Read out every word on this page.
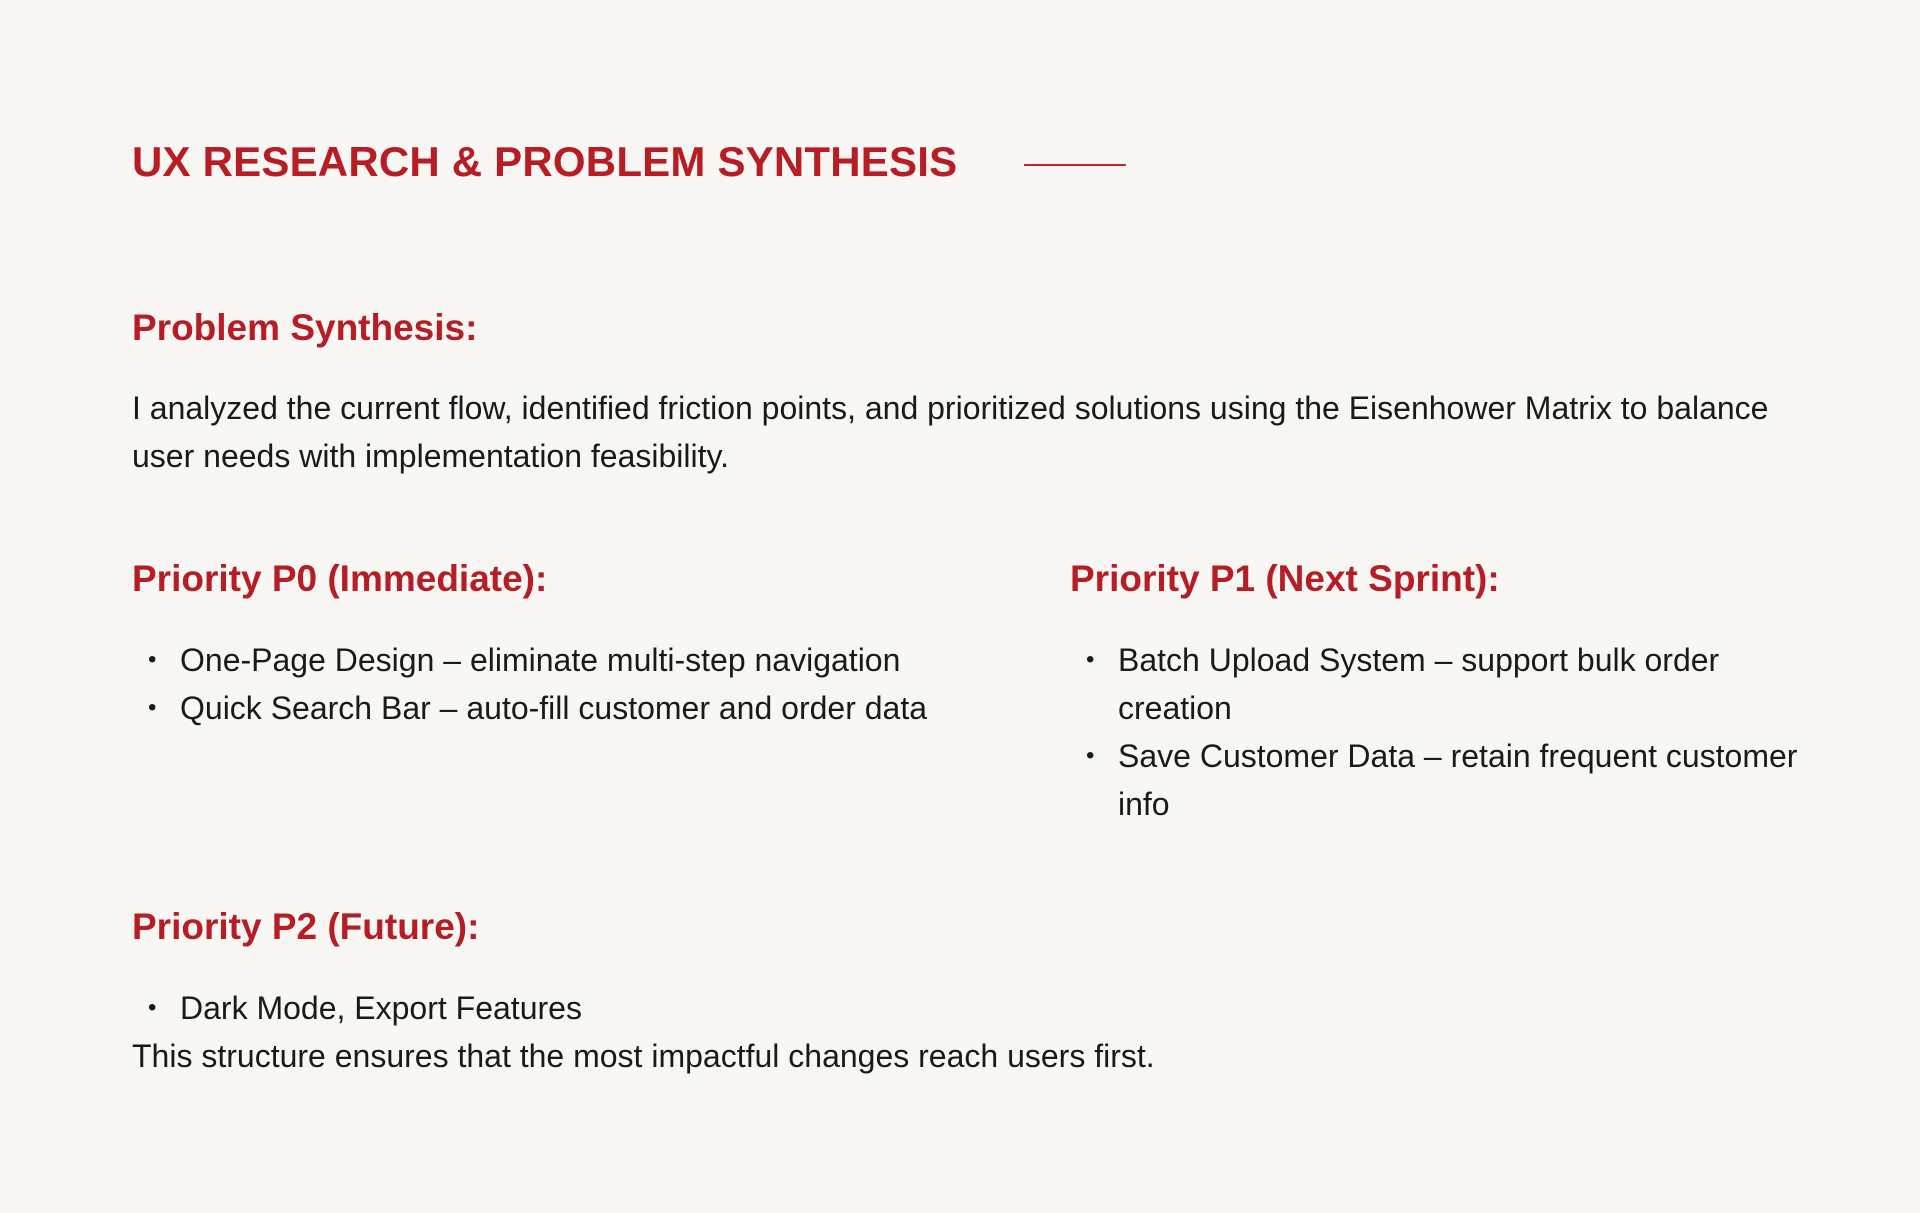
UX RESEARCH & PROBLEM SYNTHESIS
Problem Synthesis:

I analyzed the current flow, identified friction points, and prioritized solutions using the Eisenhower Matrix to balance user needs with implementation feasibility.

Priority P0 (Immediate):
• One-Page Design – eliminate multi-step navigation
• Quick Search Bar – auto-fill customer and order data
Priority P1 (Next Sprint):
• Batch Upload System – support bulk order creation
• Save Customer Data – retain frequent customer info
Priority P2 (Future):
• Dark Mode, Export Features

This structure ensures that the most impactful changes reach users first.
